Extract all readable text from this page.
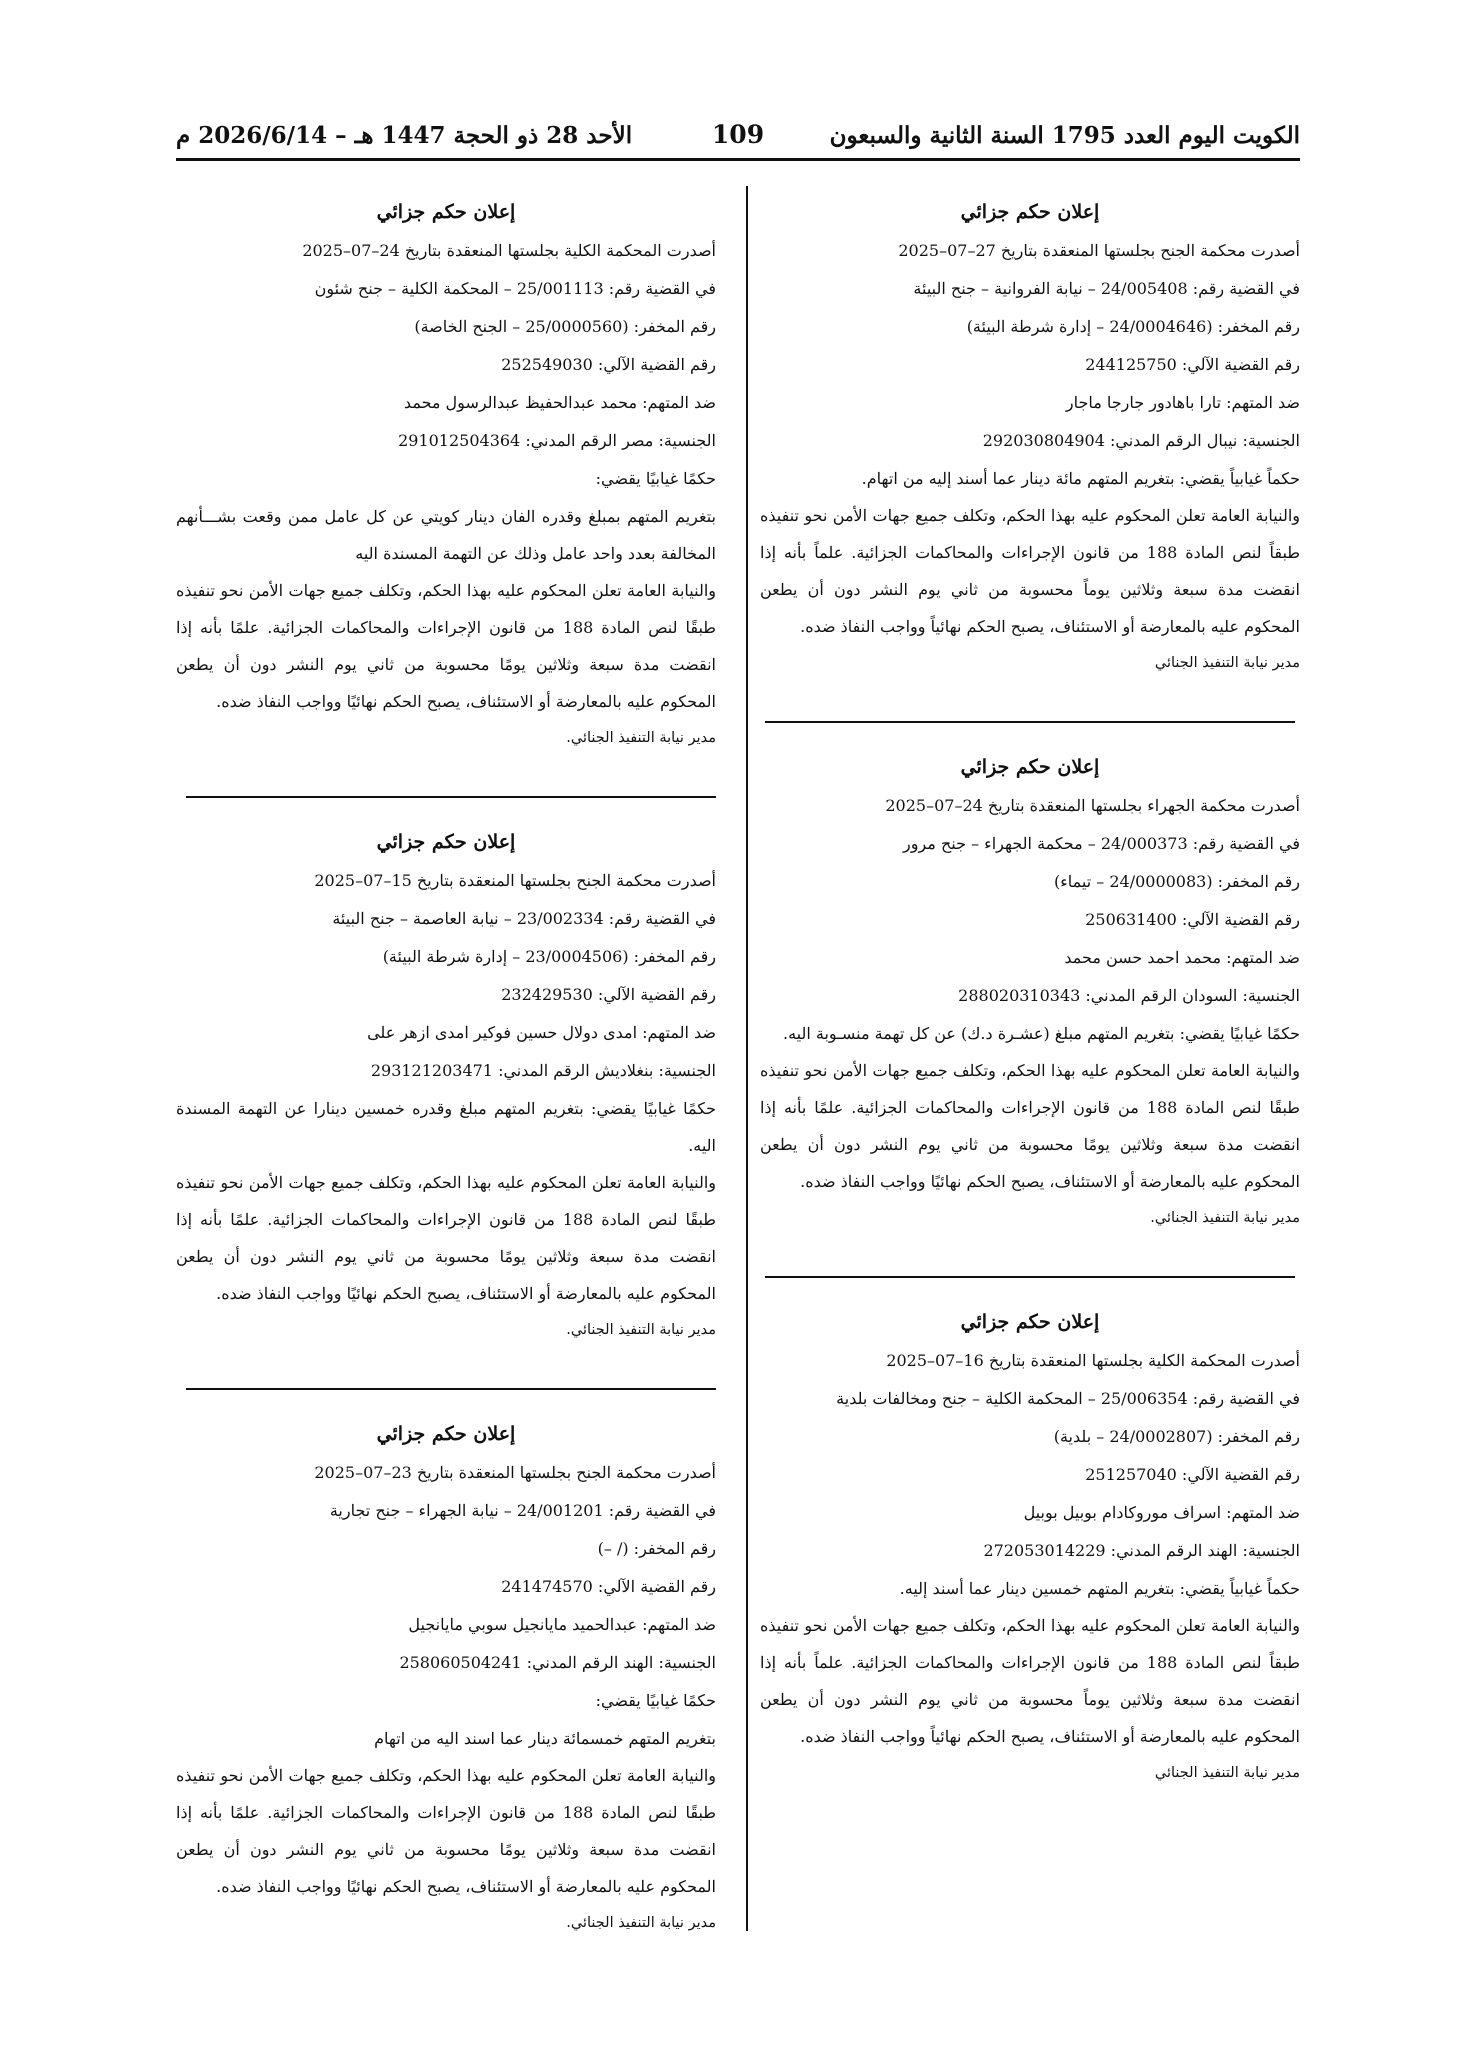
الكويت اليوم العدد 1795 السنة الثانية والسبعون
109
الأحد 28 ذو الحجة 1447 هـ – 2026/6/14 م
إعلان حكم جزائي
أصدرت محكمة الجنح بجلستها المنعقدة بتاريخ 27–07–2025
في القضية رقم: 24/005408 – نيابة الفروانية – جنح البيئة
رقم المخفر: (24/0004646 – إدارة شرطة البيئة)
رقم القضية الآلي: 244125750
ضد المتهم: تارا باهادور جارجا ماجار
الجنسية: نيبال الرقم المدني: 292030804904
حكماً غيابياً يقضي: بتغريم المتهم مائة دينار عما أسند إليه من اتهام.
والنيابة العامة تعلن المحكوم عليه بهذا الحكم، وتكلف جميع جهات الأمن نحو تنفيذه طبقاً لنص المادة 188 من قانون الإجراءات والمحاكمات الجزائية. علماً بأنه إذا انقضت مدة سبعة وثلاثين يوماً محسوبة من ثاني يوم النشر دون أن يطعن المحكوم عليه بالمعارضة أو الاستئناف، يصبح الحكم نهائياً وواجب النفاذ ضده.
مدير نيابة التنفيذ الجنائي
إعلان حكم جزائي
أصدرت محكمة الجهراء بجلستها المنعقدة بتاريخ 24–07–2025
في القضية رقم: 24/000373 – محكمة الجهراء – جنح مرور
رقم المخفر: (24/0000083 – تيماء)
رقم القضية الآلي: 250631400
ضد المتهم: محمد احمد حسن محمد
الجنسية: السودان الرقم المدني: 288020310343
حكمًا غيابيًا يقضي: بتغريم المتهم مبلغ (عشـرة د.ك) عن كل تهمة منسـوبة اليه.
والنيابة العامة تعلن المحكوم عليه بهذا الحكم، وتكلف جميع جهات الأمن نحو تنفيذه طبقًا لنص المادة 188 من قانون الإجراءات والمحاكمات الجزائية. علمًا بأنه إذا انقضت مدة سبعة وثلاثين يومًا محسوبة من ثاني يوم النشر دون أن يطعن المحكوم عليه بالمعارضة أو الاستئناف، يصبح الحكم نهائيًا وواجب النفاذ ضده.
مدير نيابة التنفيذ الجنائي.
إعلان حكم جزائي
أصدرت المحكمة الكلية بجلستها المنعقدة بتاريخ 16–07–2025
في القضية رقم: 25/006354 – المحكمة الكلية – جنح ومخالفات بلدية
رقم المخفر: (24/0002807 – بلدية)
رقم القضية الآلي: 251257040
ضد المتهم: اسراف موروكادام بوبيل بوبيل
الجنسية: الهند الرقم المدني: 272053014229
حكماً غيابياً يقضي: بتغريم المتهم خمسين دينار عما أسند إليه.
والنيابة العامة تعلن المحكوم عليه بهذا الحكم، وتكلف جميع جهات الأمن نحو تنفيذه طبقاً لنص المادة 188 من قانون الإجراءات والمحاكمات الجزائية. علماً بأنه إذا انقضت مدة سبعة وثلاثين يوماً محسوبة من ثاني يوم النشر دون أن يطعن المحكوم عليه بالمعارضة أو الاستئناف، يصبح الحكم نهائياً وواجب النفاذ ضده.
مدير نيابة التنفيذ الجنائي
إعلان حكم جزائي
أصدرت المحكمة الكلية بجلستها المنعقدة بتاريخ 24–07–2025
في القضية رقم: 25/001113 – المحكمة الكلية – جنح شئون
رقم المخفر: (25/0000560 – الجنح الخاصة)
رقم القضية الآلي: 252549030
ضد المتهم: محمد عبدالحفيظ عبدالرسول محمد
الجنسية: مصر الرقم المدني: 291012504364
حكمًا غيابيًا يقضي:
بتغريم المتهم بمبلغ وقدره الفان دينار كويتي عن كل عامل ممن وقعت بشـــأنهم المخالفة بعدد واحد عامل وذلك عن التهمة المسندة اليه
والنيابة العامة تعلن المحكوم عليه بهذا الحكم، وتكلف جميع جهات الأمن نحو تنفيذه طبقًا لنص المادة 188 من قانون الإجراءات والمحاكمات الجزائية. علمًا بأنه إذا انقضت مدة سبعة وثلاثين يومًا محسوبة من ثاني يوم النشر دون أن يطعن المحكوم عليه بالمعارضة أو الاستئناف، يصبح الحكم نهائيًا وواجب النفاذ ضده.
مدير نيابة التنفيذ الجنائي.
إعلان حكم جزائي
أصدرت محكمة الجنح بجلستها المنعقدة بتاريخ 15–07–2025
في القضية رقم: 23/002334 – نيابة العاصمة – جنح البيئة
رقم المخفر: (23/0004506 – إدارة شرطة البيئة)
رقم القضية الآلي: 232429530
ضد المتهم: امدى دولال حسين فوكير امدى ازهر على
الجنسية: بنغلاديش الرقم المدني: 293121203471
حكمًا غيابيًا يقضي: بتغريم المتهم مبلغ وقدره خمسين دينارا عن التهمة المسندة اليه.
والنيابة العامة تعلن المحكوم عليه بهذا الحكم، وتكلف جميع جهات الأمن نحو تنفيذه طبقًا لنص المادة 188 من قانون الإجراءات والمحاكمات الجزائية. علمًا بأنه إذا انقضت مدة سبعة وثلاثين يومًا محسوبة من ثاني يوم النشر دون أن يطعن المحكوم عليه بالمعارضة أو الاستئناف، يصبح الحكم نهائيًا وواجب النفاذ ضده.
مدير نيابة التنفيذ الجنائي.
إعلان حكم جزائي
أصدرت محكمة الجنح بجلستها المنعقدة بتاريخ 23–07–2025
في القضية رقم: 24/001201 – نيابة الجهراء – جنح تجارية
رقم المخفر: (/ –)
رقم القضية الآلي: 241474570
ضد المتهم: عبدالحميد مايانجيل سوبي مايانجيل
الجنسية: الهند الرقم المدني: 258060504241
حكمًا غيابيًا يقضي:
بتغريم المتهم خمسمائة دينار عما اسند اليه من اتهام
والنيابة العامة تعلن المحكوم عليه بهذا الحكم، وتكلف جميع جهات الأمن نحو تنفيذه طبقًا لنص المادة 188 من قانون الإجراءات والمحاكمات الجزائية. علمًا بأنه إذا انقضت مدة سبعة وثلاثين يومًا محسوبة من ثاني يوم النشر دون أن يطعن المحكوم عليه بالمعارضة أو الاستئناف، يصبح الحكم نهائيًا وواجب النفاذ ضده.
مدير نيابة التنفيذ الجنائي.
